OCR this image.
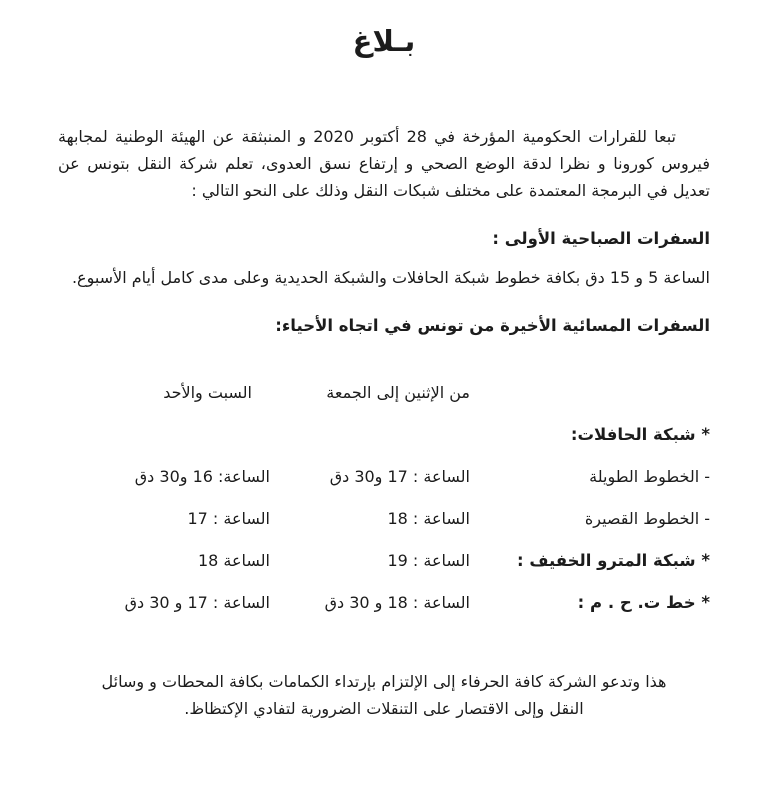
بـلاغ

تبعا للقرارات الحكومية المؤرخة في 28 أكتوبر 2020 و المنبثقة عن الهيئة الوطنية لمجابهة فيروس كورونا و نظرا لدقة الوضع الصحي و إرتفاع نسق العدوى، تعلم شركة النقل بتونس عن تعديل في البرمجة المعتمدة على مختلف شبكات النقل وذلك على النحو التالي :

السفرات الصباحية الأولى :

الساعة 5 و 15 دق بكافة خطوط شبكة الحافلات والشبكة الحديدية وعلى مدى كامل أيام الأسبوع.

السفرات المسائية الأخيرة من تونس في اتجاه الأحياء:
من الإثنين إلى الجمعة
السبت والأحد
* شبكة الحافلات:
- الخطوط الطويلة
الساعة : 17 و30 دق
الساعة: 16 و30 دق
- الخطوط القصيرة
الساعة : 18
الساعة : 17
* شبكة المترو الخفيف :
الساعة : 19
الساعة 18
* خط ت. ح . م :
الساعة : 18 و 30 دق
الساعة : 17 و 30 دق

هذا وتدعو الشركة كافة الحرفاء إلى الإلتزام بإرتداء الكمامات بكافة المحطات و وسائل النقل وإلى الاقتصار على التنقلات الضرورية لتفادي الإكتظاظ.
